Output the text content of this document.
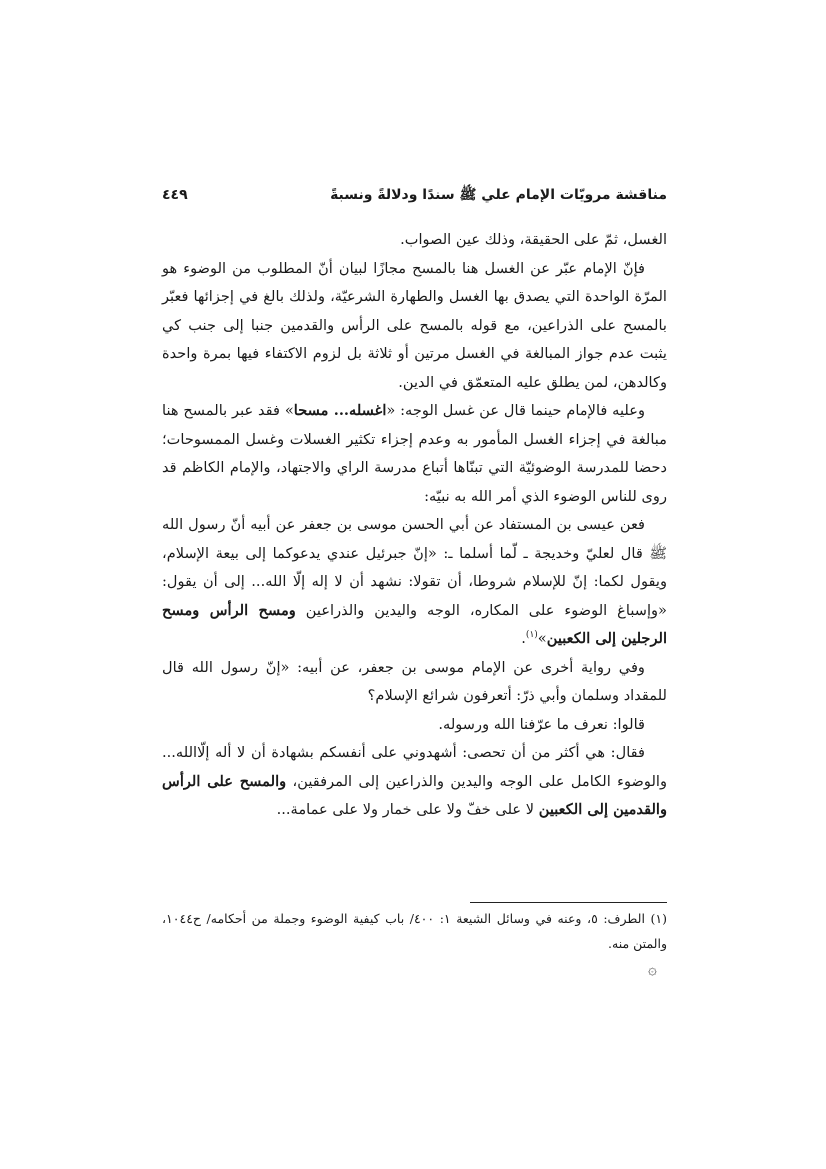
مناقشة مرويّات الإمام علي ﷺ سندًا ودلالةً ونسبةً
٤٤٩

الغسل، ثمّ على الحقيقة، وذلك عين الصواب.

فإنّ الإمام عبّر عن الغسل هنا بالمسح مجازًا لبيان أنّ المطلوب من الوضوء هو المرّة الواحدة التي يصدق بها الغسل والطهارة الشرعيّة، ولذلك بالغ في إجزائها فعبّر بالمسح على الذراعين، مع قوله بالمسح على الرأس والقدمين جنبا إلى جنب كي يثبت عدم جواز المبالغة في الغسل مرتين أو ثلاثة بل لزوم الاكتفاء فيها بمرة واحدة وكالدهن، لمن يطلق عليه المتعمّق في الدين.

وعليه فالإمام حينما قال عن غسل الوجه: «اغسله... مسحا» فقد عبر بالمسح هنا مبالغة في إجزاء الغسل المأمور به وعدم إجزاء تكثير الغسلات وغسل الممسوحات؛ دحضا للمدرسة الوضوئيّة التي تبنّاها أتباع مدرسة الراي والاجتهاد، والإمام الكاظم قد روى للناس الوضوء الذي أمر الله به نبيّه:

فعن عيسى بن المستفاد عن أبي الحسن موسى بن جعفر عن أبيه أنّ رسول الله ﷺ قال لعليّ وخديجة ـ لّما أسلما ـ: «إنّ جبرئيل عندي يدعوكما إلى بيعة الإسلام، ويقول لكما: إنّ للإسلام شروطا، أن تقولا: نشهد أن لا إله إلّا الله... إلى أن يقول: «وإسباغ الوضوء على المكاره، الوجه واليدين والذراعين ومسح الرأس ومسح الرجلين إلى الكعبين»$^{(١)}$.

وفي رواية أخرى عن الإمام موسى بن جعفر، عن أبيه: «إنّ رسول الله قال للمقداد وسلمان وأبي ذرّ: أتعرفون شرائع الإسلام؟

قالوا: نعرف ما عرّفنا الله ورسوله.

فقال: هي أكثر من أن تحصى: أشهدوني على أنفسكم بشهادة أن لا أله إلّاالله... والوضوء الكامل على الوجه واليدين والذراعين إلى المرفقين، والمسح على الرأس والقدمين إلى الكعبين لا على خفّ ولا على خمار ولا على عمامة...

(١) الطرف: ٥، وعنه في وسائل الشيعة ١: ٤٠٠/ باب كيفية الوضوء وجملة من أحكامه/ ح١٠٤٤، والمتن منه.

۞
